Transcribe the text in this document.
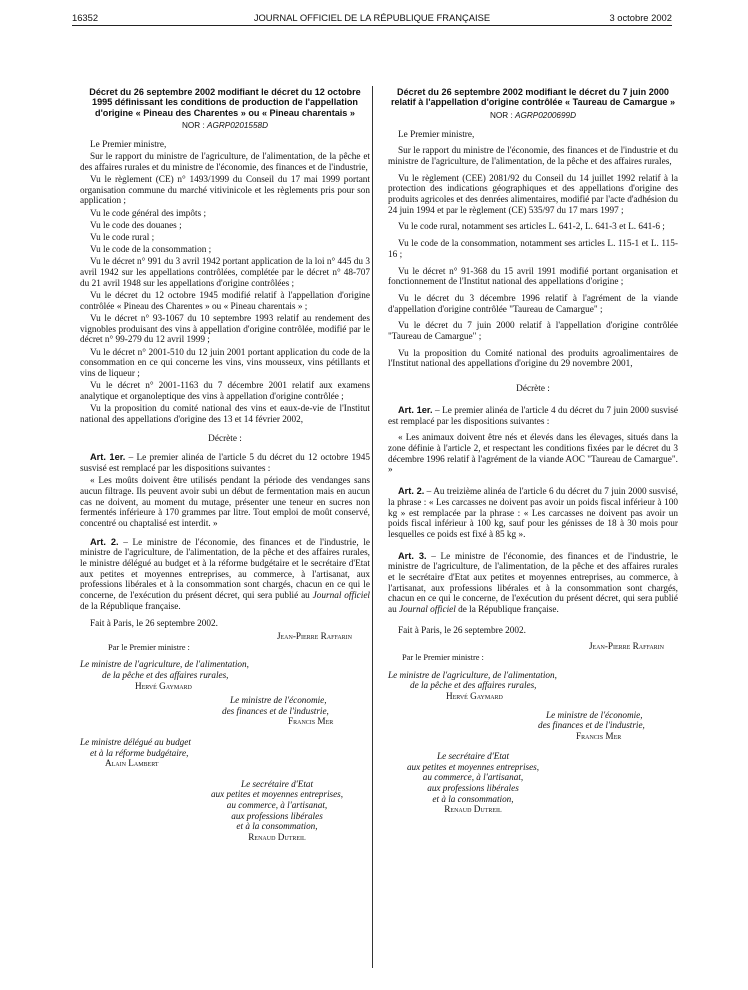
16352	JOURNAL OFFICIEL DE LA RÉPUBLIQUE FRANÇAISE	3 octobre 2002
Décret du 26 septembre 2002 modifiant le décret du 12 octobre 1995 définissant les conditions de production de l'appellation d'origine « Pineau des Charentes » ou « Pineau charentais »
NOR : AGRP0201558D

Le Premier ministre,

Sur le rapport du ministre de l'agriculture, de l'alimentation, de la pêche et des affaires rurales et du ministre de l'économie, des finances et de l'industrie,

Vu le règlement (CE) n° 1493/1999 du Conseil du 17 mai 1999 portant organisation commune du marché vitivinicole et les règlements pris pour son application ;

Vu le code général des impôts ;

Vu le code des douanes ;

Vu le code rural ;

Vu le code de la consommation ;

Vu le décret n° 991 du 3 avril 1942 portant application de la loi n° 445 du 3 avril 1942 sur les appellations contrôlées, complétée par le décret n° 48-707 du 21 avril 1948 sur les appellations d'origine contrôlées ;

Vu le décret du 12 octobre 1945 modifié relatif à l'appellation d'origine contrôlée « Pineau des Charentes » ou « Pineau charentais » ;

Vu le décret n° 93-1067 du 10 septembre 1993 relatif au rendement des vignobles produisant des vins à appellation d'origine contrôlée, modifié par le décret n° 99-279 du 12 avril 1999 ;

Vu le décret n° 2001-510 du 12 juin 2001 portant application du code de la consommation en ce qui concerne les vins, vins mousseux, vins pétillants et vins de liqueur ;

Vu le décret n° 2001-1163 du 7 décembre 2001 relatif aux examens analytique et organoleptique des vins à appellation d'origine contrôlée ;

Vu la proposition du comité national des vins et eaux-de-vie de l'Institut national des appellations d'origine des 13 et 14 février 2002,

Décrète :

Art. 1er. – Le premier alinéa de l'article 5 du décret du 12 octobre 1945 susvisé est remplacé par les dispositions suivantes :

« Les moûts doivent être utilisés pendant la période des vendanges sans aucun filtrage. Ils peuvent avoir subi un début de fermentation mais en aucun cas ne doivent, au moment du mutage, présenter une teneur en sucres non fermentés inférieure à 170 grammes par litre. Tout emploi de moût conservé, concentré ou chaptalisé est interdit. »

Art. 2. – Le ministre de l'économie, des finances et de l'industrie, le ministre de l'agriculture, de l'alimentation, de la pêche et des affaires rurales, le ministre délégué au budget et à la réforme budgétaire et le secrétaire d'Etat aux petites et moyennes entreprises, au commerce, à l'artisanat, aux professions libérales et à la consommation sont chargés, chacun en ce qui le concerne, de l'exécution du présent décret, qui sera publié au Journal officiel de la République française.

Fait à Paris, le 26 septembre 2002.

Jean-Pierre Raffarin
Par le Premier ministre :
Le ministre de l'agriculture, de l'alimentation,
de la pêche et des affaires rurales,
Hervé Gaymard
Le ministre de l'économie,
des finances et de l'industrie,
Francis Mer
Le ministre délégué au budget
et à la réforme budgétaire,
Alain Lambert
Le secrétaire d'Etat
aux petites et moyennes entreprises,
au commerce, à l'artisanat,
aux professions libérales
et à la consommation,
Renaud Dutreil
Décret du 26 septembre 2002 modifiant le décret du 7 juin 2000 relatif à l'appellation d'origine contrôlée « Taureau de Camargue »
NOR : AGRP0200699D

Le Premier ministre,

Sur le rapport du ministre de l'économie, des finances et de l'industrie et du ministre de l'agriculture, de l'alimentation, de la pêche et des affaires rurales,

Vu le règlement (CEE) 2081/92 du Conseil du 14 juillet 1992 relatif à la protection des indications géographiques et des appellations d'origine des produits agricoles et des denrées alimentaires, modifié par l'acte d'adhésion du 24 juin 1994 et par le règlement (CE) 535/97 du 17 mars 1997 ;

Vu le code rural, notamment ses articles L. 641-2, L. 641-3 et L. 641-6 ;

Vu le code de la consommation, notamment ses articles L. 115-1 et L. 115-16 ;

Vu le décret n° 91-368 du 15 avril 1991 modifié portant organisation et fonctionnement de l'Institut national des appellations d'origine ;

Vu le décret du 3 décembre 1996 relatif à l'agrément de la viande d'appellation d'origine contrôlée "Taureau de Camargue" ;

Vu le décret du 7 juin 2000 relatif à l'appellation d'origine contrôlée "Taureau de Camargue" ;

Vu la proposition du Comité national des produits agroalimentaires de l'Institut national des appellations d'origine du 29 novembre 2001,

Décrète :

Art. 1er. – Le premier alinéa de l'article 4 du décret du 7 juin 2000 susvisé est remplacé par les dispositions suivantes :

« Les animaux doivent être nés et élevés dans les élevages, situés dans la zone définie à l'article 2, et respectant les conditions fixées par le décret du 3 décembre 1996 relatif à l'agrément de la viande AOC "Taureau de Camargue". »

Art. 2. – Au treizième alinéa de l'article 6 du décret du 7 juin 2000 susvisé, la phrase : « Les carcasses ne doivent pas avoir un poids fiscal inférieur à 100 kg » est remplacée par la phrase : « Les carcasses ne doivent pas avoir un poids fiscal inférieur à 100 kg, sauf pour les génisses de 18 à 30 mois pour lesquelles ce poids est fixé à 85 kg ».

Art. 3. – Le ministre de l'économie, des finances et de l'industrie, le ministre de l'agriculture, de l'alimentation, de la pêche et des affaires rurales et le secrétaire d'Etat aux petites et moyennes entreprises, au commerce, à l'artisanat, aux professions libérales et à la consommation sont chargés, chacun en ce qui le concerne, de l'exécution du présent décret, qui sera publié au Journal officiel de la République française.

Fait à Paris, le 26 septembre 2002.

Jean-Pierre Raffarin
Par le Premier ministre :
Le ministre de l'agriculture, de l'alimentation,
de la pêche et des affaires rurales,
Hervé Gaymard
Le ministre de l'économie,
des finances et de l'industrie,
Francis Mer
Le secrétaire d'Etat
aux petites et moyennes entreprises,
au commerce, à l'artisanat,
aux professions libérales
et à la consommation,
Renaud Dutreil
